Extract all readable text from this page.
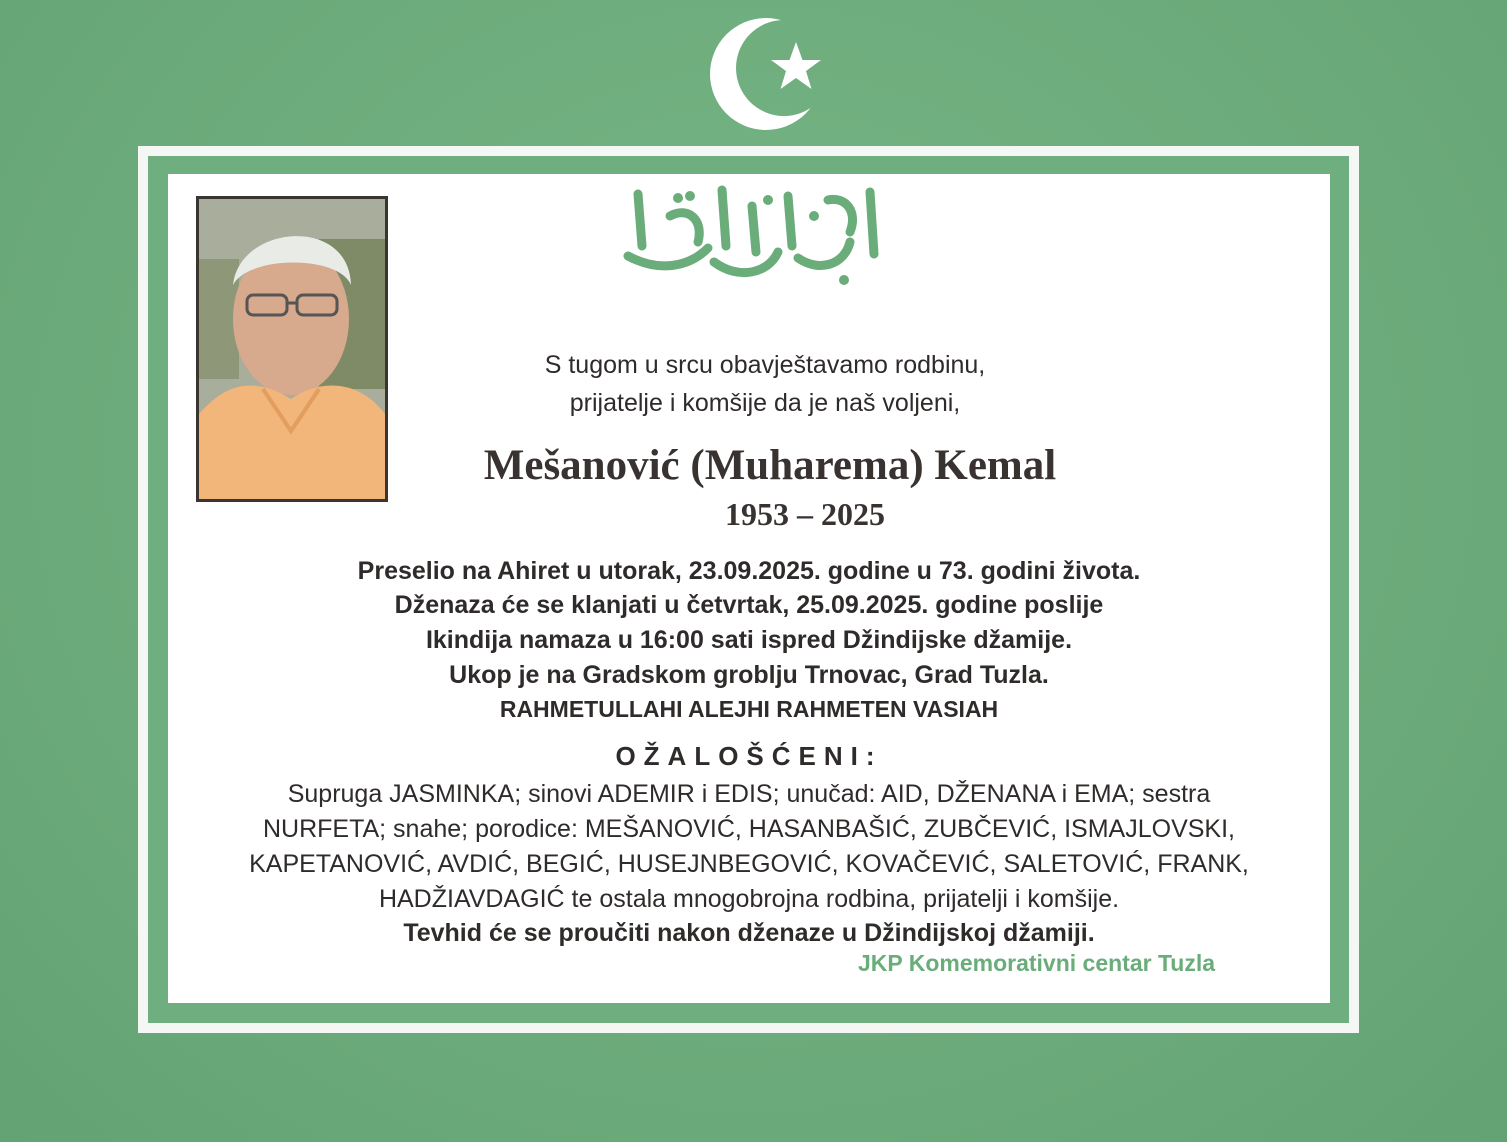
S tugom u srcu obavještavamo rodbinu,
prijatelje i komšije da je naš voljeni,
Mešanović (Muharema) Kemal
1953 – 2025
Preselio na Ahiret u utorak, 23.09.2025. godine u 73. godini života.
Dženaza će se klanjati u četvrtak, 25.09.2025. godine poslije
Ikindija namaza u 16:00 sati ispred Džindijske džamije.
Ukop je na Gradskom groblju Trnovac, Grad Tuzla.
RAHMETULLAHI ALEJHI RAHMETEN VASIAH
OŽALOŠĆENI:
Supruga JASMINKA; sinovi ADEMIR i EDIS; unučad: AID, DŽENANA i EMA; sestra
NURFETA; snahe; porodice: MEŠANOVIĆ, HASANBAŠIĆ, ZUBČEVIĆ, ISMAJLOVSKI,
KAPETANOVIĆ, AVDIĆ, BEGIĆ, HUSEJNBEGOVIĆ, KOVAČEVIĆ, SALETOVIĆ, FRANK,
HADŽIAVDAGIĆ te ostala mnogobrojna rodbina, prijatelji i komšije.
Tevhid će se proučiti nakon dženaze u Džindijskoj džamiji.
JKP Komemorativni centar Tuzla
